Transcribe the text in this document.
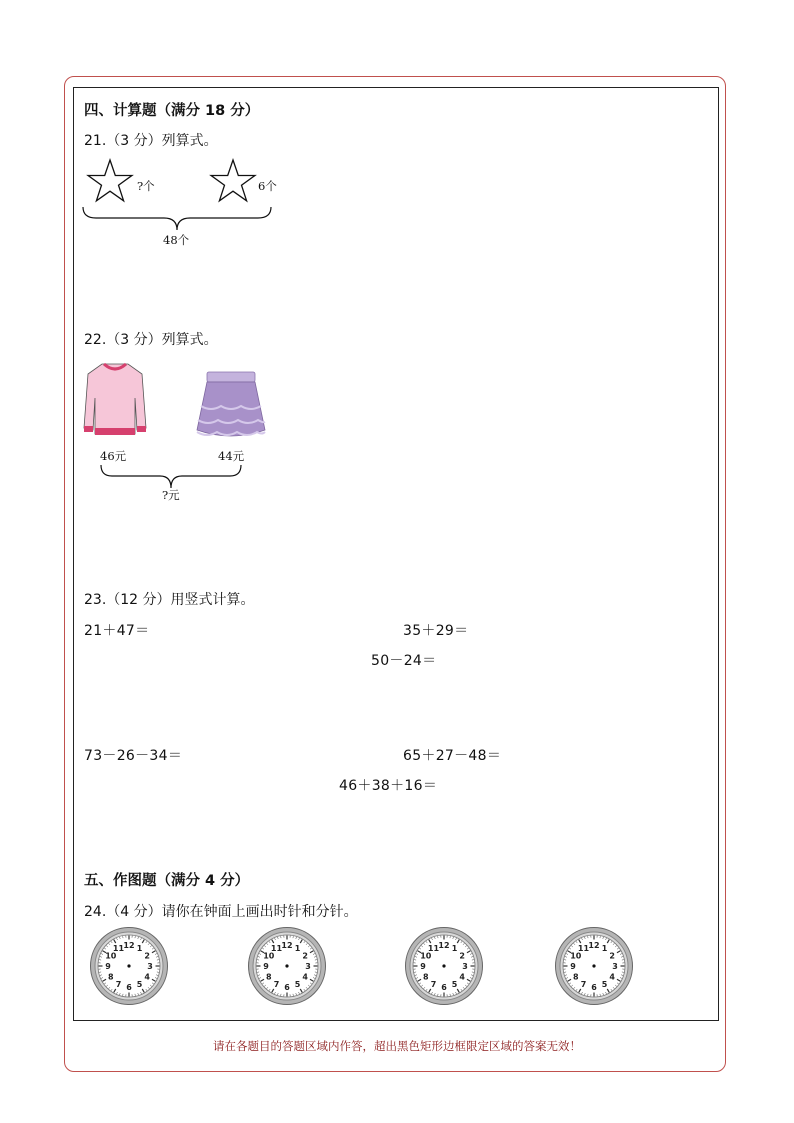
四、计算题（满分 18 分）
21.（3 分）列算式。
?个	6个
48个
22.（3 分）列算式。
46元	44元
?元
23.（12 分）用竖式计算。
21＋47＝	35＋29＝
50－24＝
73－26－34＝	65＋27－48＝
46＋38＋16＝
五、作图题（满分 4 分）
24.（4 分）请你在钟面上画出时针和分针。
12 1
2
3
4
5
6
7
8
9
10
11	12 1
2
3
4
5
6
7
8
9
10
11	12 1
2
3
4
5
6
7
8
9
10
11	12 1
2
3
4
5
6
7
8
9
10
11
请在各题目的答题区域内作答，超出黑色矩形边框限定区域的答案无效！
